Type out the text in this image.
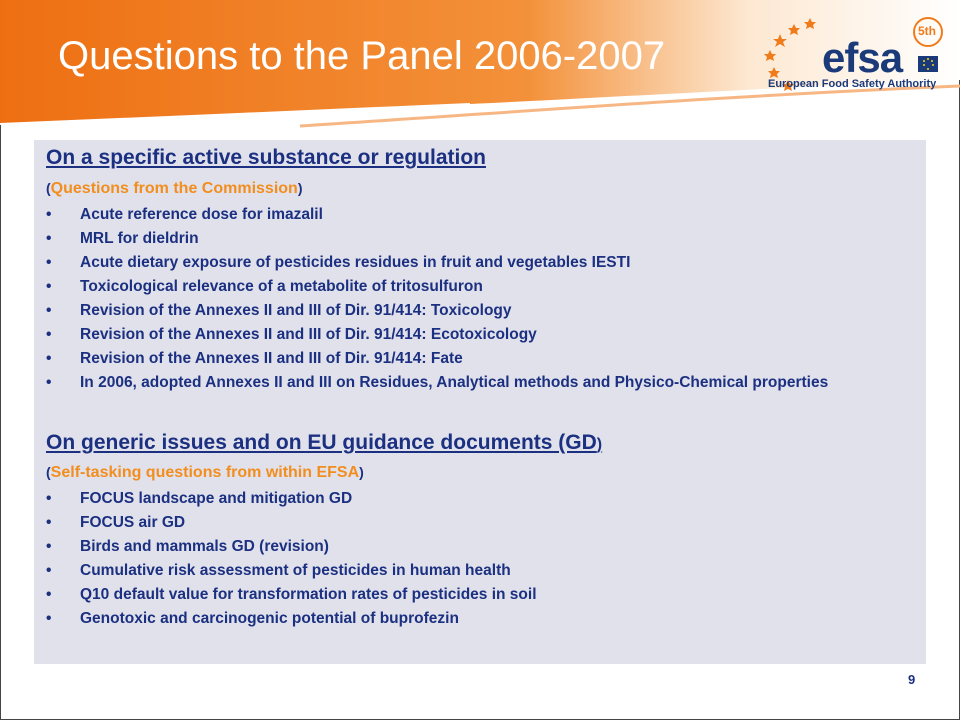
Questions to the Panel 2006-2007
5th
efsa
European Food Safety Authority
On a specific active substance or regulation
(Questions from the Commission)
• Acute reference dose for imazalil
• MRL for dieldrin
• Acute dietary exposure of pesticides residues in fruit and vegetables IESTI
• Toxicological relevance of a metabolite of tritosulfuron
• Revision of the Annexes II and III of Dir. 91/414: Toxicology
• Revision of the Annexes II and III of Dir. 91/414: Ecotoxicology
• Revision of the Annexes II and III of Dir. 91/414: Fate
• In 2006, adopted Annexes II and III on Residues, Analytical methods and Physico-Chemical properties
On generic issues and on EU guidance documents (GD)
(Self-tasking questions from within EFSA)
• FOCUS landscape and mitigation GD
• FOCUS air GD
• Birds and mammals GD (revision)
• Cumulative risk assessment of pesticides in human health
• Q10 default value for transformation rates of pesticides in soil
• Genotoxic and carcinogenic potential of buprofezin
9
